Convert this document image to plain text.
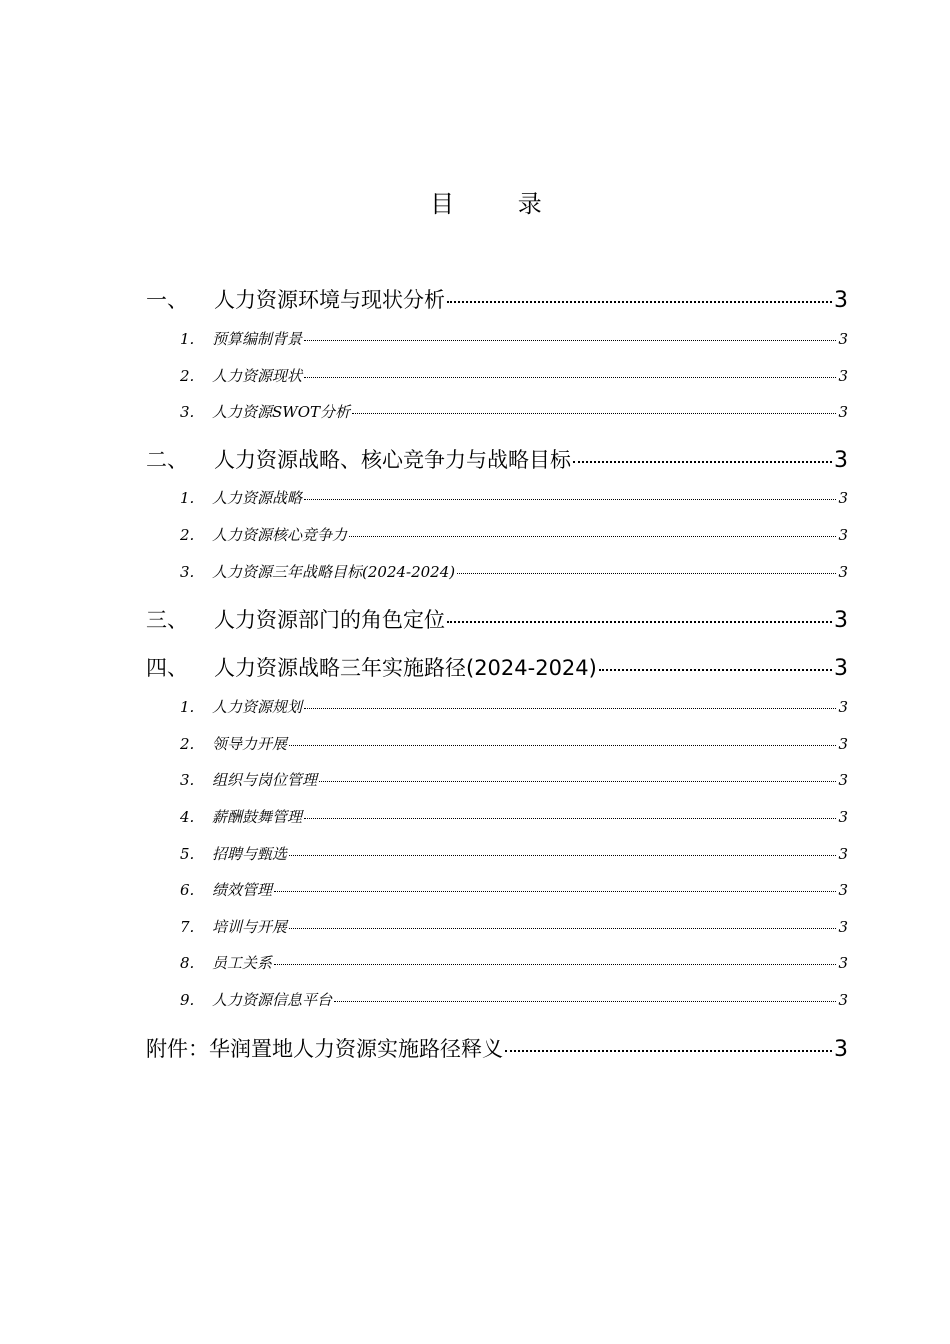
目 录
一、	人力资源环境与现状分析	3
1.	预算编制背景	3
2.	人力资源现状	3
3.	人力资源SWOT分析	3
二、	人力资源战略、核心竞争力与战略目标	3
1.	人力资源战略	3
2.	人力资源核心竞争力	3
3.	人力资源三年战略目标(2024-2024)	3
三、	人力资源部门的角色定位	3
四、	人力资源战略三年实施路径(2024-2024)	3
1.	人力资源规划	3
2.	领导力开展	3
3.	组织与岗位管理	3
4.	薪酬鼓舞管理	3
5.	招聘与甄选	3
6.	绩效管理	3
7.	培训与开展	3
8.	员工关系	3
9.	人力资源信息平台	3
附件： 华润置地人力资源实施路径释义	3
